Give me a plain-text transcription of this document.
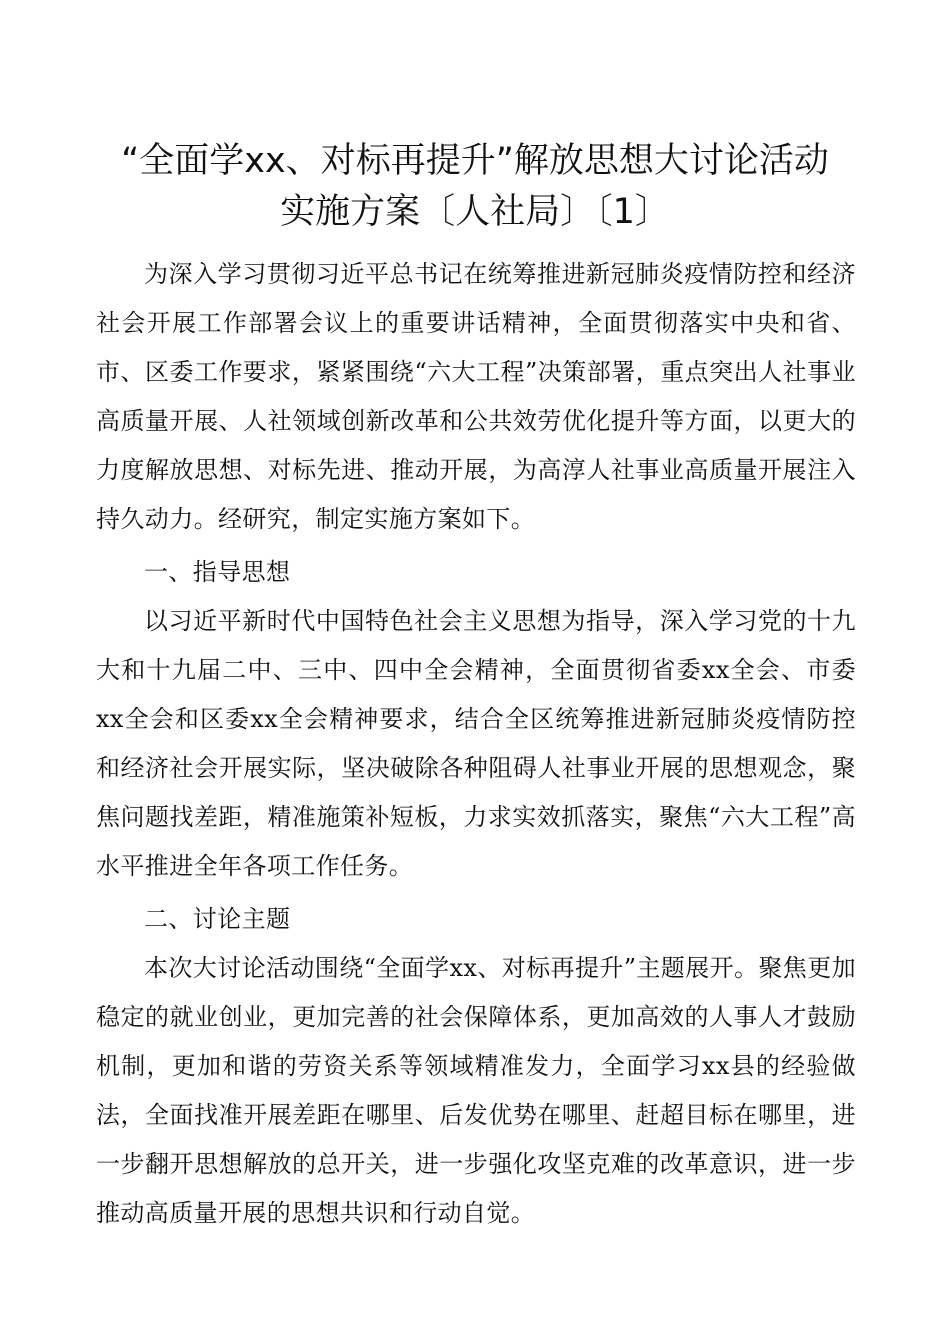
“全面学xx、对标再提升”解放思想大讨论活动
实施方案〔人社局〕〔1〕

为深入学习贯彻习近平总书记在统筹推进新冠肺炎疫情防控和经济社会开展工作部署会议上的重要讲话精神，全面贯彻落实中央和省、市、区委工作要求，紧紧围绕“六大工程”决策部署，重点突出人社事业高质量开展、人社领域创新改革和公共效劳优化提升等方面，以更大的力度解放思想、对标先进、推动开展，为高淳人社事业高质量开展注入持久动力。经研究，制定实施方案如下。

一、指导思想

以习近平新时代中国特色社会主义思想为指导，深入学习党的十九大和十九届二中、三中、四中全会精神，全面贯彻省委xx全会、市委xx全会和区委xx全会精神要求，结合全区统筹推进新冠肺炎疫情防控和经济社会开展实际，坚决破除各种阻碍人社事业开展的思想观念，聚焦问题找差距，精准施策补短板，力求实效抓落实，聚焦“六大工程”高水平推进全年各项工作任务。

二、讨论主题

本次大讨论活动围绕“全面学xx、对标再提升”主题展开。聚焦更加稳定的就业创业，更加完善的社会保障体系，更加高效的人事人才鼓励机制，更加和谐的劳资关系等领域精准发力，全面学习xx县的经验做法，全面找准开展差距在哪里、后发优势在哪里、赶超目标在哪里，进一步翻开思想解放的总开关，进一步强化攻坚克难的改革意识，进一步推动高质量开展的思想共识和行动自觉。
